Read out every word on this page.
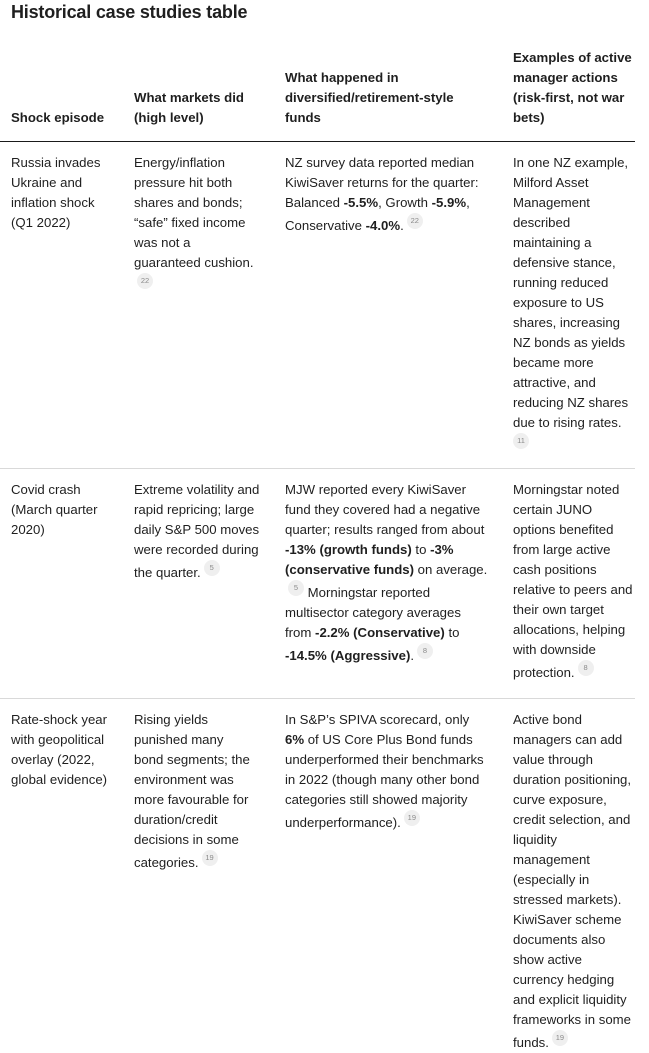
Historical case studies table
Shock episode	What markets did (high level)	What happened in diversified/retirement-style funds	Examples of active manager actions (risk-first, not war bets)
Russia invades Ukraine and inflation shock (Q1 2022)	Energy/inflation pressure hit both shares and bonds; “safe” fixed income was not a guaranteed cushion.22	NZ survey data reported median KiwiSaver returns for the quarter: Balanced -5.5%, Growth -5.9%, Conservative -4.0%. 22	In one NZ example, Milford Asset Management described maintaining a defensive stance, running reduced exposure to US shares, increasing NZ bonds as yields became more attractive, and reducing NZ shares due to rising rates. 11
Covid crash (March quarter 2020)	Extreme volatility and rapid repricing; large daily S&P 500 moves were recorded during the quarter. 5	MJW reported every KiwiSaver fund they covered had a negative quarter; results ranged from about -13% (growth funds) to -3% (conservative funds) on average.5 Morningstar reported multisector category averages from -2.2% (Conservative) to -14.5% (Aggressive). 8	Morningstar noted certain JUNO options benefited from large active cash positions relative to peers and their own target allocations, helping with downside protection. 8
Rate-shock year with geopolitical overlay (2022, global evidence)	Rising yields punished many bond segments; the environment was more favourable for duration/credit decisions in some categories. 19	In S&P’s SPIVA scorecard, only 6% of US Core Plus Bond funds underperformed their benchmarks in 2022 (though many other bond categories still showed majority underperformance). 19	Active bond managers can add value through duration positioning, curve exposure, credit selection, and liquidity management (especially in stressed markets). KiwiSaver scheme documents also show active currency hedging and explicit liquidity frameworks in some funds. 19
